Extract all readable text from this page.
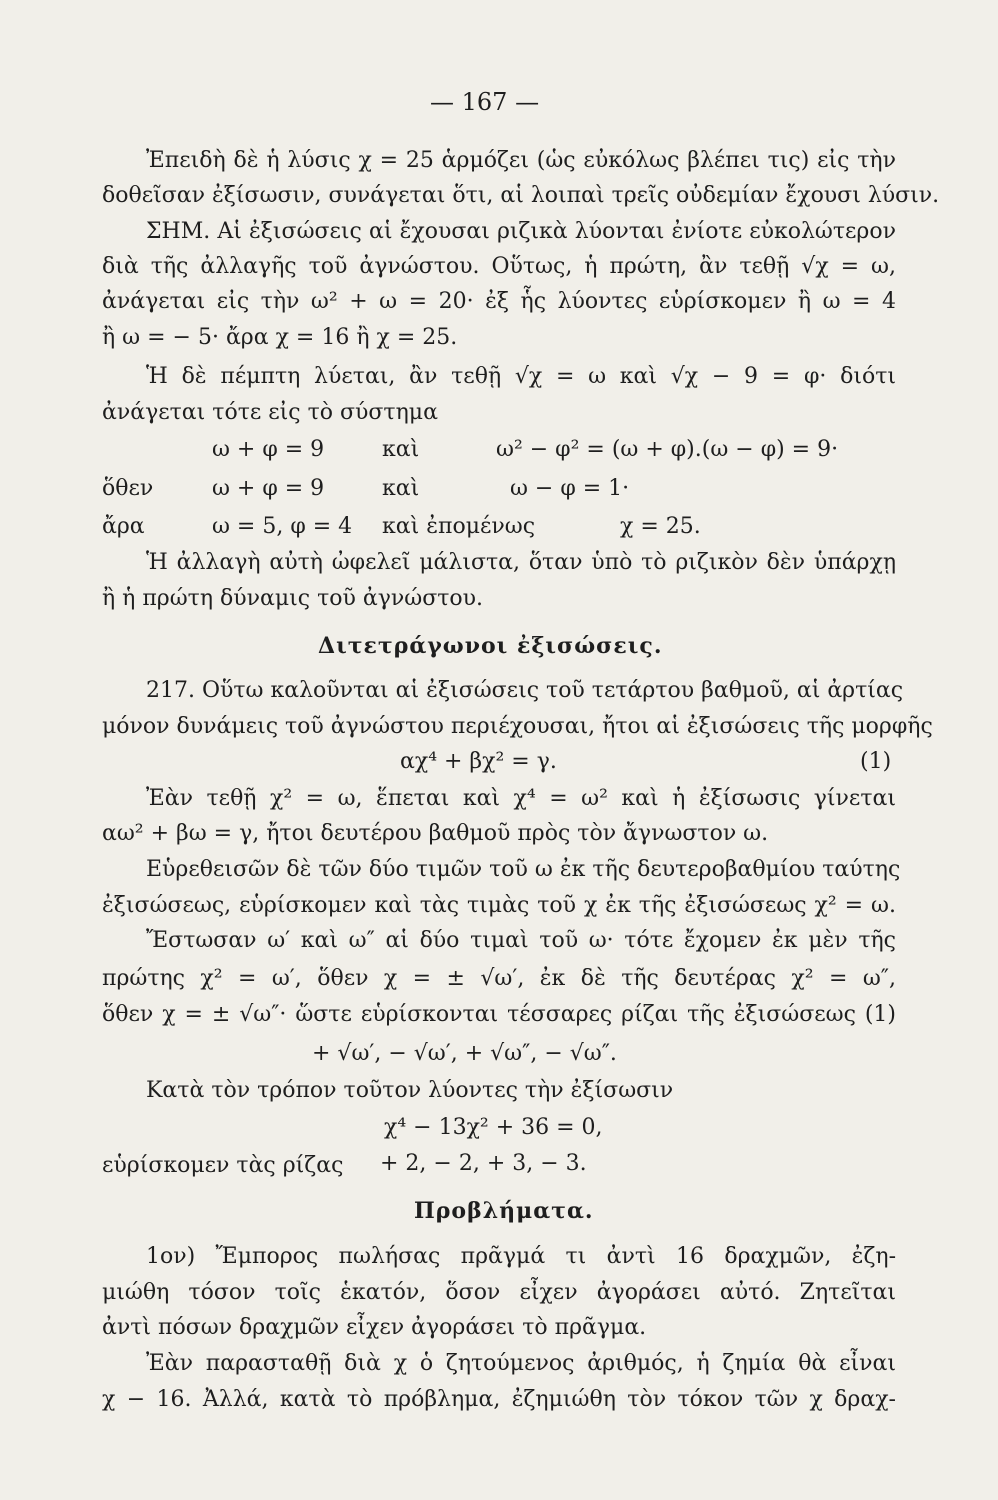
— 167 —
Ἐπειδὴ δὲ ἡ λύσις χ = 25 ἁρμόζει (ὡς εὐκόλως βλέπει τις) εἰς τὴν
δοθεῖσαν ἐξίσωσιν, συνάγεται ὅτι, αἱ λοιπαὶ τρεῖς οὐδεμίαν ἔχουσι λύσιν.
ΣΗΜ. Αἱ ἐξισώσεις αἱ ἔχουσαι ριζικὰ λύονται ἐνίοτε εὐκολώτερον
διὰ τῆς ἀλλαγῆς τοῦ ἀγνώστου. Οὕτως, ἡ πρώτη, ἂν τεθῇ √χ = ω,
ἀνάγεται εἰς τὴν ω² + ω = 20· ἐξ ἧς λύοντες εὑρίσκομεν ἢ ω = 4
ἢ ω = − 5· ἄρα χ = 16 ἢ χ = 25.
Ἡ δὲ πέμπτη λύεται, ἂν τεθῇ √χ = ω καὶ √χ − 9 = φ· διότι
ἀνάγεται τότε εἰς τὸ σύστημα
ω + φ = 9	καὶ	ω² − φ² = (ω + φ).(ω − φ) = 9·
ὅθεν	ω + φ = 9	καὶ	ω − φ = 1·
ἄρα	ω = 5, φ = 4 καὶ ἐπομένως	χ = 25.
Ἡ ἀλλαγὴ αὐτὴ ὠφελεῖ μάλιστα, ὅταν ὑπὸ τὸ ριζικὸν δὲν ὑπάρχῃ
ἢ ἡ πρώτη δύναμις τοῦ ἀγνώστου.
Διτετράγωνοι ἐξισώσεις.
217. Οὕτω καλοῦνται αἱ ἐξισώσεις τοῦ τετάρτου βαθμοῦ, αἱ ἀρτίας
μόνον δυνάμεις τοῦ ἀγνώστου περιέχουσαι, ἤτοι αἱ ἐξισώσεις τῆς μορφῆς
αχ⁴ + βχ² = γ.	(1)
Ἐὰν τεθῇ χ² = ω, ἕπεται καὶ χ⁴ = ω² καὶ ἡ ἐξίσωσις γίνεται
αω² + βω = γ, ἤτοι δευτέρου βαθμοῦ πρὸς τὸν ἄγνωστον ω.
Εὑρεθεισῶν δὲ τῶν δύο τιμῶν τοῦ ω ἐκ τῆς δευτεροβαθμίου ταύτης
ἐξισώσεως, εὑρίσκομεν καὶ τὰς τιμὰς τοῦ χ ἐκ τῆς ἐξισώσεως χ² = ω.
Ἔστωσαν ω′ καὶ ω″ αἱ δύο τιμαὶ τοῦ ω· τότε ἔχομεν ἐκ μὲν τῆς
πρώτης χ² = ω′, ὅθεν χ = ± √ω′, ἐκ δὲ τῆς δευτέρας χ² = ω″,
ὅθεν χ = ± √ω″· ὥστε εὑρίσκονται τέσσαρες ρίζαι τῆς ἐξισώσεως (1)
+ √ω′, − √ω′, + √ω″, − √ω″.
Κατὰ τὸν τρόπον τοῦτον λύοντες τὴν ἐξίσωσιν
χ⁴ − 13χ² + 36 = 0,
εὑρίσκομεν τὰς ρίζας + 2, − 2, + 3, − 3.
Προβλήματα.
1ον) Ἔμπορος πωλήσας πρᾶγμά τι ἀντὶ 16 δραχμῶν, ἐζη-
μιώθη τόσον τοῖς ἑκατόν, ὅσον εἶχεν ἀγοράσει αὐτό. Ζητεῖται
ἀντὶ πόσων δραχμῶν εἶχεν ἀγοράσει τὸ πρᾶγμα.
Ἐὰν παρασταθῇ διὰ χ ὁ ζητούμενος ἀριθμός, ἡ ζημία θὰ εἶναι
χ − 16. Ἀλλά, κατὰ τὸ πρόβλημα, ἐζημιώθη τὸν τόκον τῶν χ δραχ-
